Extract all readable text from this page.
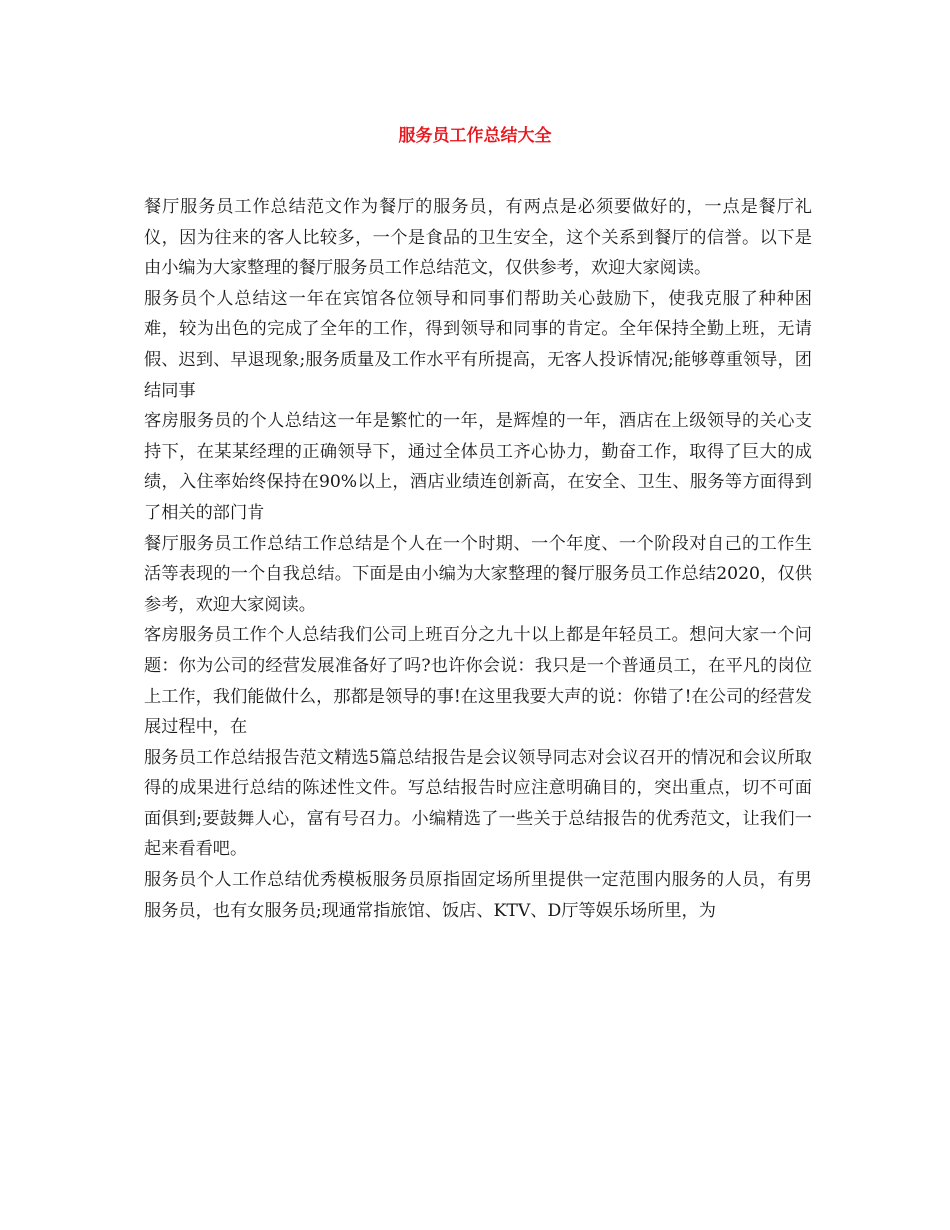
服务员工作总结大全

餐厅服务员工作总结范文作为餐厅的服务员，有两点是必须要做好的，一点是餐厅礼仪，因为往来的客人比较多，一个是食品的卫生安全，这个关系到餐厅的信誉。以下是由小编为大家整理的餐厅服务员工作总结范文，仅供参考，欢迎大家阅读。

服务员个人总结这一年在宾馆各位领导和同事们帮助关心鼓励下，使我克服了种种困难，较为出色的完成了全年的工作，得到领导和同事的肯定。全年保持全勤上班，无请假、迟到、早退现象;服务质量及工作水平有所提高，无客人投诉情况;能够尊重领导，团结同事

客房服务员的个人总结这一年是繁忙的一年，是辉煌的一年，酒店在上级领导的关心支持下，在某某经理的正确领导下，通过全体员工齐心协力，勤奋工作，取得了巨大的成绩，入住率始终保持在90%以上，酒店业绩连创新高，在安全、卫生、服务等方面得到了相关的部门肯

餐厅服务员工作总结工作总结是个人在一个时期、一个年度、一个阶段对自己的工作生活等表现的一个自我总结。下面是由小编为大家整理的餐厅服务员工作总结2020，仅供参考，欢迎大家阅读。

客房服务员工作个人总结我们公司上班百分之九十以上都是年轻员工。想问大家一个问题：你为公司的经营发展准备好了吗?也许你会说：我只是一个普通员工，在平凡的岗位上工作，我们能做什么，那都是领导的事!在这里我要大声的说：你错了!在公司的经营发展过程中，在

服务员工作总结报告范文精选5篇总结报告是会议领导同志对会议召开的情况和会议所取得的成果进行总结的陈述性文件。写总结报告时应注意明确目的，突出重点，切不可面面俱到;要鼓舞人心，富有号召力。小编精选了一些关于总结报告的优秀范文，让我们一起来看看吧。

服务员个人工作总结优秀模板服务员原指固定场所里提供一定范围内服务的人员，有男服务员，也有女服务员;现通常指旅馆、饭店、KTV、D厅等娱乐场所里，为
